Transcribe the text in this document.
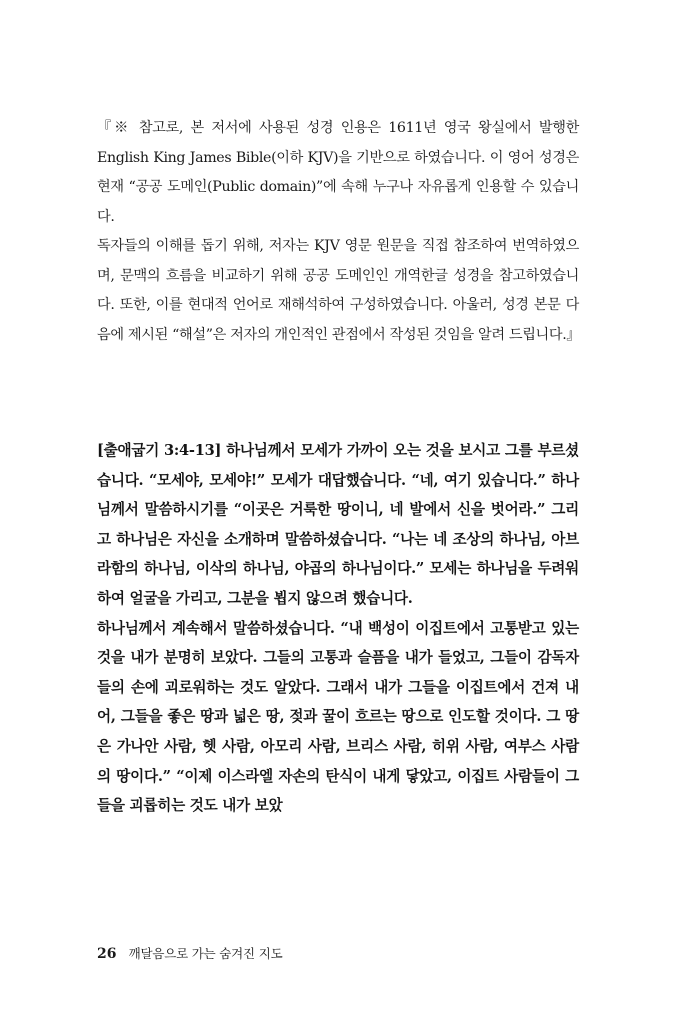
『※ 참고로, 본 저서에 사용된 성경 인용은 1611년 영국 왕실에서 발행한 English King James Bible(이하 KJV)을 기반으로 하였습니다. 이 영어 성경은 현재 “공공 도메인(Public domain)”에 속해 누구나 자유롭게 인용할 수 있습니다.

독자들의 이해를 돕기 위해, 저자는 KJV 영문 원문을 직접 참조하여 번역하였으며, 문맥의 흐름을 비교하기 위해 공공 도메인인 개역한글 성경을 참고하였습니다. 또한, 이를 현대적 언어로 재해석하여 구성하였습니다. 아울러, 성경 본문 다음에 제시된 “해설”은 저자의 개인적인 관점에서 작성된 것임을 알려 드립니다.』

[출애굽기 3:4-13] 하나님께서 모세가 가까이 오는 것을 보시고 그를 부르셨습니다. “모세야, 모세야!” 모세가 대답했습니다. “네, 여기 있습니다.” 하나님께서 말씀하시기를 “이곳은 거룩한 땅이니, 네 발에서 신을 벗어라.” 그리고 하나님은 자신을 소개하며 말씀하셨습니다. “나는 네 조상의 하나님, 아브라함의 하나님, 이삭의 하나님, 야곱의 하나님이다.” 모세는 하나님을 두려워하여 얼굴을 가리고, 그분을 뵙지 않으려 했습니다.

하나님께서 계속해서 말씀하셨습니다. “내 백성이 이집트에서 고통받고 있는 것을 내가 분명히 보았다. 그들의 고통과 슬픔을 내가 들었고, 그들이 감독자들의 손에 괴로워하는 것도 알았다. 그래서 내가 그들을 이집트에서 건져 내어, 그들을 좋은 땅과 넓은 땅, 젖과 꿀이 흐르는 땅으로 인도할 것이다. 그 땅은 가나안 사람, 헷 사람, 아모리 사람, 브리스 사람, 히위 사람, 여부스 사람의 땅이다.” “이제 이스라엘 자손의 탄식이 내게 닿았고, 이집트 사람들이 그들을 괴롭히는 것도 내가 보았

26 깨달음으로 가는 숨겨진 지도
